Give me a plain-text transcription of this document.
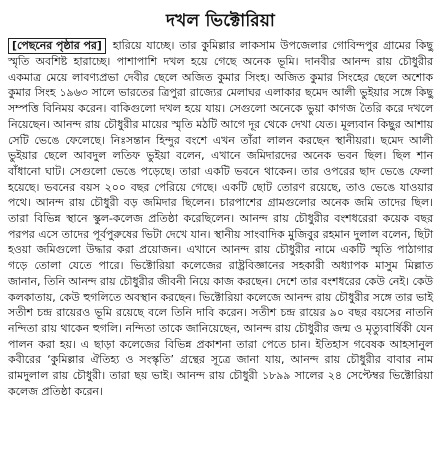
দখল ভিক্টোরিয়া
[পেছনের পৃষ্ঠার পর] হারিয়ে যাচ্ছে। তার কুমিল্লার লাকসাম উপজেলার গোবিন্দপুর গ্রামের কিছু স্মৃতি অবশিষ্ট হারাচ্ছে। পাশাপাশি দখল হয়ে গেছে অনেক ভূমি। দানবীর আনন্দ রায় চৌধুরীর একমাত্র মেয়ে লাবণ্যপ্রভা দেবীর ছেলে অজিত কুমার সিংহ। অজিত কুমার সিংহের ছেলে অশোক কুমার সিংহ ১৯৬৩ সালে ভারতের ত্রিপুরা রাজ্যের মেলাঘর এলাকার ছমেদ আলী ভুইয়ার সঙ্গে কিছু সম্পত্তি বিনিময় করেন। বাকিগুলো দখল হয়ে যায়। সেগুলো অনেকে ভুয়া কাগজ তৈরি করে দখলে নিয়েছেন। আনন্দ রায় চৌধুরীর মায়ের স্মৃতি মঠটি আগে দূর থেকে দেখা যেত। মূল্যবান কিছুর আশায় সেটি ভেঙে ফেলেছে। নিঃসন্তান হিন্দুর বংশে এখন তাঁরা লালন করছেন স্থানীয়রা। ছমেদ আলী ভুইয়ার ছেলে আবদুল লতিফ ভুইয়া বলেন, এখানে জমিদারদের অনেক ভবন ছিল। ছিল শান বাঁধানো ঘাট। সেগুলো ভেঙে পড়েছে। তারা একটি ভবনে থাকেন। তার ওপরের ছাদ ভেঙে ফেলা হয়েছে। ভবনের বয়স ২০০ বছর পেরিয়ে গেছে। একটি ছোট তোরণ রয়েছে, তাও ভেঙে যাওয়ার পথে। আনন্দ রায় চৌধুরী বড় জমিদার ছিলেন। চারপাশের গ্রামগুলোর অনেক জমি তাদের ছিল। তারা বিভিন্ন স্থানে স্কুল-কলেজ প্রতিষ্ঠা করেছিলেন। আনন্দ রায় চৌধুরীর বংশধরেরা কয়েক বছর পরপর এসে তাদের পূর্বপুরুষের ভিটা দেখে যান। স্থানীয় সাংবাদিক মুজিবুর রহমান দুলাল বলেন, ছিটা হওয়া জমিগুলো উদ্ধার করা প্রয়োজন। এখানে আনন্দ রায় চৌধুরীর নামে একটি স্মৃতি পাঠাগার গড়ে তোলা যেতে পারে। ভিক্টোরিয়া কলেজের রাষ্ট্রবিজ্ঞানের সহকারী অধ্যাপক মাসুম মিল্লাত জানান, তিনি আনন্দ রায় চৌধুরীর জীবনী নিয়ে কাজ করছেন। দেশে তার বংশধরের কেউ নেই। কেউ কলকাতায়, কেউ হুগলিতে অবস্থান করছেন। ভিক্টোরিয়া কলেজে আনন্দ রায় চৌধুরীর সঙ্গে তার ভাই সতীশ চন্দ্র রায়েরও ভূমি রয়েছে বলে তিনি দাবি করেন। সতীশ চন্দ্র রায়ের ৯০ বছর বয়সের নাতনি নন্দিতা রায় থাকেন হুগলি। নন্দিতা তাকে জানিয়েছেন, আনন্দ রায় চৌধুরীর জন্ম ও মৃত্যুবার্ষিকী যেন পালন করা হয়। এ ছাড়া কলেজের বিভিন্ন প্রকাশনা তারা পেতে চান। ইতিহাস গবেষক আহসানুল কবীরের ‘কুমিল্লার ঐতিহ্য ও সংস্কৃতি’ গ্রন্থের সূত্রে জানা যায়, আনন্দ রায় চৌধুরীর বাবার নাম রামদুলাল রায় চৌধুরী। তারা ছয় ভাই। আনন্দ রায় চৌধুরী ১৮৯৯ সালের ২৪ সেপ্টেম্বর ভিক্টোরিয়া কলেজ প্রতিষ্ঠা করেন।
